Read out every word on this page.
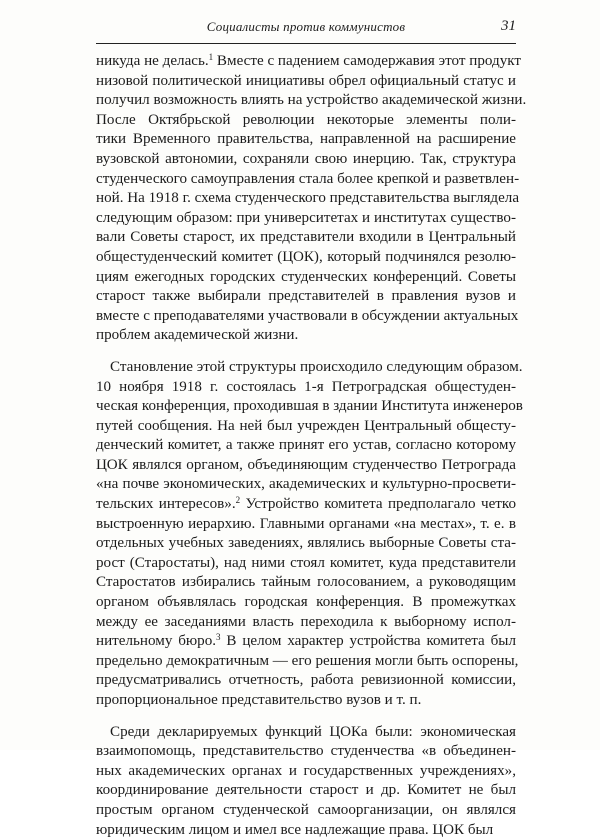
Социалисты против коммунистов	31
никуда не делась.$^1$ Вместе с падением самодержавия этот продукт
низовой политической инициативы обрел официальный статус и
получил возможность влиять на устройство академической жизни.
После Октябрьской революции некоторые элементы поли-
тики Временного правительства, направленной на расширение
вузовской автономии, сохраняли свою инерцию. Так, структура
студенческого самоуправления стала более крепкой и разветвлен-
ной. На 1918 г. схема студенческого представительства выглядела
следующим образом: при университетах и институтах существо-
вали Советы старост, их представители входили в Центральный
общестуденческий комитет (ЦОК), который подчинялся резолю-
циям ежегодных городских студенческих конференций. Советы
старост также выбирали представителей в правления вузов и
вместе с преподавателями участвовали в обсуждении актуальных
проблем академической жизни.
Становление этой структуры происходило следующим образом.
10 ноября 1918 г. состоялась 1-я Петроградская общестуден-
ческая конференция, проходившая в здании Института инженеров
путей сообщения. На ней был учрежден Центральный общесту-
денческий комитет, а также принят его устав, согласно которому
ЦОК являлся органом, объединяющим студенчество Петрограда
«на почве экономических, академических и культурно-просвети-
тельских интересов».$^2$ Устройство комитета предполагало четко
выстроенную иерархию. Главными органами «на местах», т. е. в
отдельных учебных заведениях, являлись выборные Советы ста-
рост (Старостаты), над ними стоял комитет, куда представители
Старостатов избирались тайным голосованием, а руководящим
органом объявлялась городская конференция. В промежутках
между ее заседаниями власть переходила к выборному испол-
нительному бюро.$^3$ В целом характер устройства комитета был
предельно демократичным — его решения могли быть оспорены,
предусматривались отчетность, работа ревизионной комиссии,
пропорциональное представительство вузов и т. п.
Среди декларируемых функций ЦОКа были: экономическая
взаимопомощь, представительство студенчества «в объединен-
ных академических органах и государственных учреждениях»,
координирование деятельности старост и др. Комитет не был
простым органом студенческой самоорганизации, он являлся
юридическим лицом и имел все надлежащие права. ЦОК был
